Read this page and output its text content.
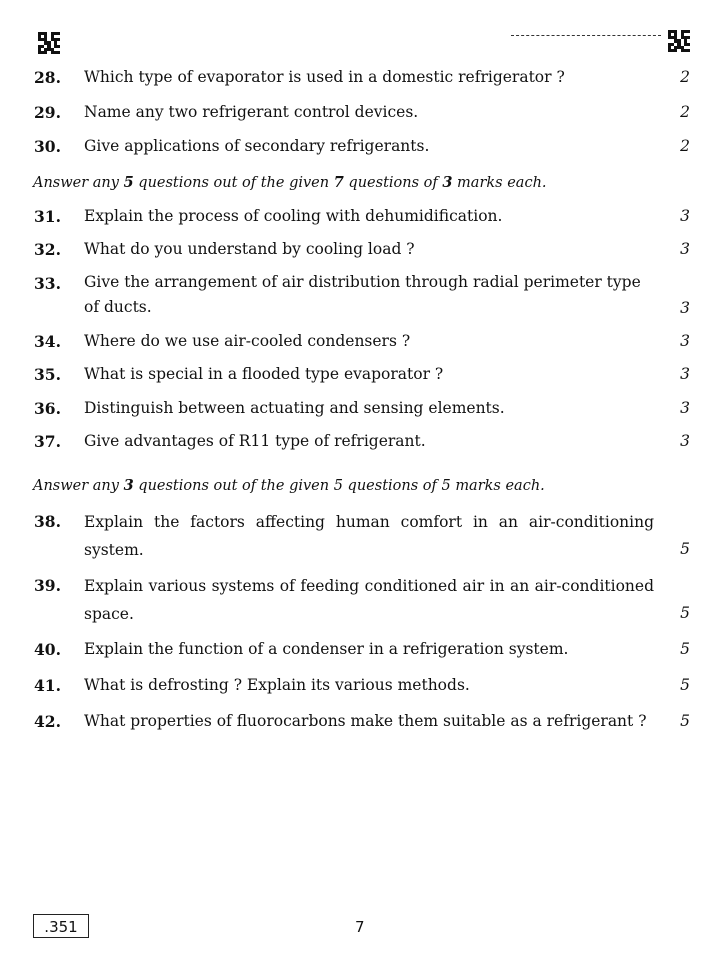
28. Which type of evaporator is used in a domestic refrigerator ?	2
29. Name any two refrigerant control devices.	2
30. Give applications of secondary refrigerants.	2
Answer any 5 questions out of the given 7 questions of 3 marks each.
31. Explain the process of cooling with dehumidification.	3
32. What do you understand by cooling load ?	3
33. Give the arrangement of air distribution through radial perimeter type of ducts.	3
34. Where do we use air-cooled condensers ?	3
35. What is special in a flooded type evaporator ?	3
36. Distinguish between actuating and sensing elements.	3
37. Give advantages of R11 type of refrigerant.	3
Answer any 3 questions out of the given 5 questions of 5 marks each.
38. Explain the factors affecting human comfort in an air-conditioning system.	5
39. Explain various systems of feeding conditioned air in an air-conditioned space.	5
40. Explain the function of a condenser in a refrigeration system.	5
41. What is defrosting ? Explain its various methods.	5
42. What properties of fluorocarbons make them suitable as a refrigerant ?	5
.351	7
